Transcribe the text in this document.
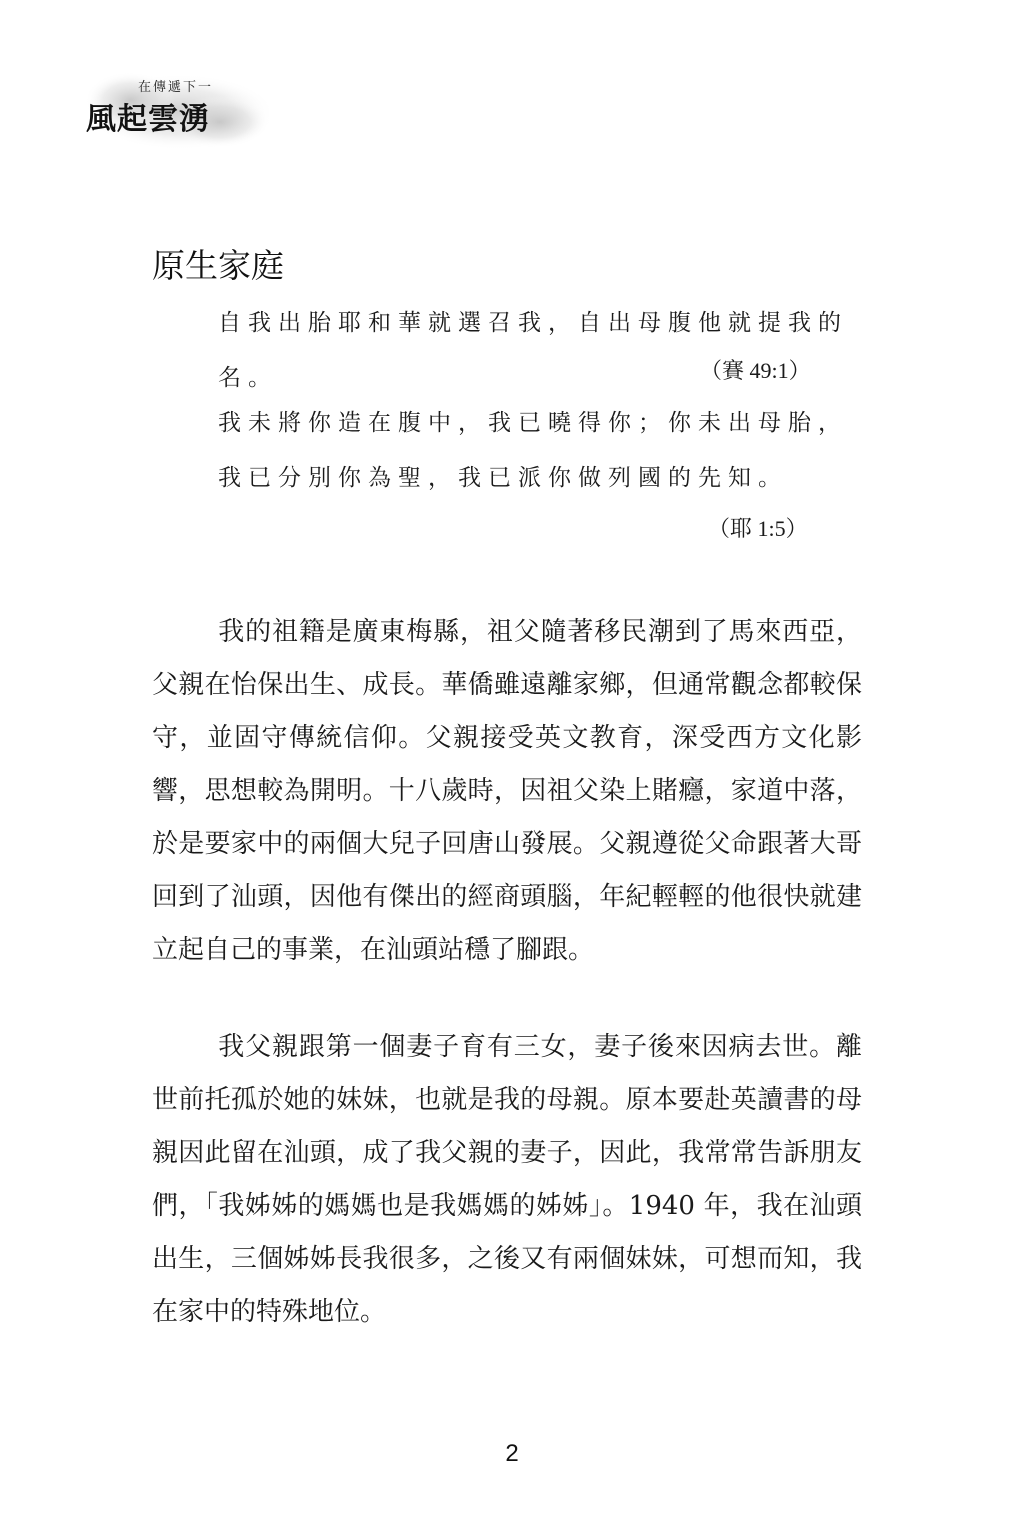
在傳遞下一
風起雲湧
原生家庭
自我出胎耶和華就選召我，自出母腹他就提我的名。	（賽 49:1）
我未將你造在腹中，我已曉得你；你未出母胎，我已分別你為聖，我已派你做列國的先知。
（耶 1:5）

我的祖籍是廣東梅縣，祖父隨著移民潮到了馬來西亞，父親在怡保出生、成長。華僑雖遠離家鄉，但通常觀念都較保守，並固守傳統信仰。父親接受英文教育，深受西方文化影響，思想較為開明。十八歲時，因祖父染上賭癮，家道中落，於是要家中的兩個大兒子回唐山發展。父親遵從父命跟著大哥回到了汕頭，因他有傑出的經商頭腦，年紀輕輕的他很快就建立起自己的事業，在汕頭站穩了腳跟。

我父親跟第一個妻子育有三女，妻子後來因病去世。離世前托孤於她的妹妹，也就是我的母親。原本要赴英讀書的母親因此留在汕頭，成了我父親的妻子，因此，我常常告訴朋友們，「我姊姊的媽媽也是我媽媽的姊姊」。1940 年，我在汕頭出生，三個姊姊長我很多，之後又有兩個妹妹，可想而知，我在家中的特殊地位。

2
